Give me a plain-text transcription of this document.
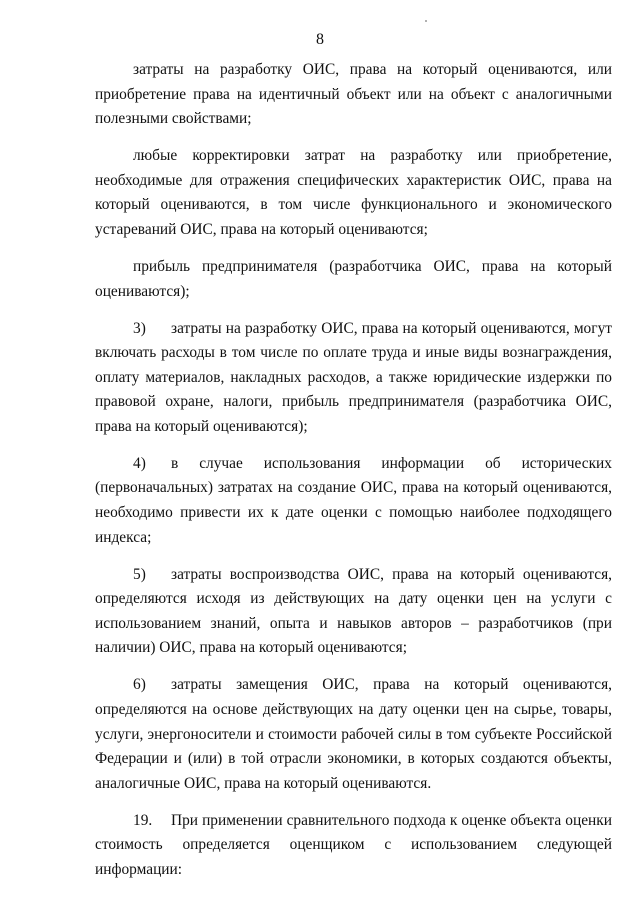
8

затраты на разработку ОИС, права на который оцениваются, или приобретение права на идентичный объект или на объект с аналогичными полезными свойствами;

любые корректировки затрат на разработку или приобретение, необходимые для отражения специфических характеристик ОИС, права на который оцениваются, в том числе функционального и экономического устареваний ОИС, права на который оцениваются;

прибыль предпринимателя (разработчика ОИС, права на который оцениваются);

3) затраты на разработку ОИС, права на который оцениваются, могут включать расходы в том числе по оплате труда и иные виды вознаграждения, оплату материалов, накладных расходов, а также юридические издержки по правовой охране, налоги, прибыль предпринимателя (разработчика ОИС, права на который оцениваются);

4) в случае использования информации об исторических (первоначальных) затратах на создание ОИС, права на который оцениваются, необходимо привести их к дате оценки с помощью наиболее подходящего индекса;

5) затраты воспроизводства ОИС, права на который оцениваются, определяются исходя из действующих на дату оценки цен на услуги с использованием знаний, опыта и навыков авторов – разработчиков (при наличии) ОИС, права на который оцениваются;

6) затраты замещения ОИС, права на который оцениваются, определяются на основе действующих на дату оценки цен на сырье, товары, услуги, энергоносители и стоимости рабочей силы в том субъекте Российской Федерации и (или) в той отрасли экономики, в которых создаются объекты, аналогичные ОИС, права на который оцениваются.

19. При применении сравнительного подхода к оценке объекта оценки стоимость определяется оценщиком с использованием следующей информации:
